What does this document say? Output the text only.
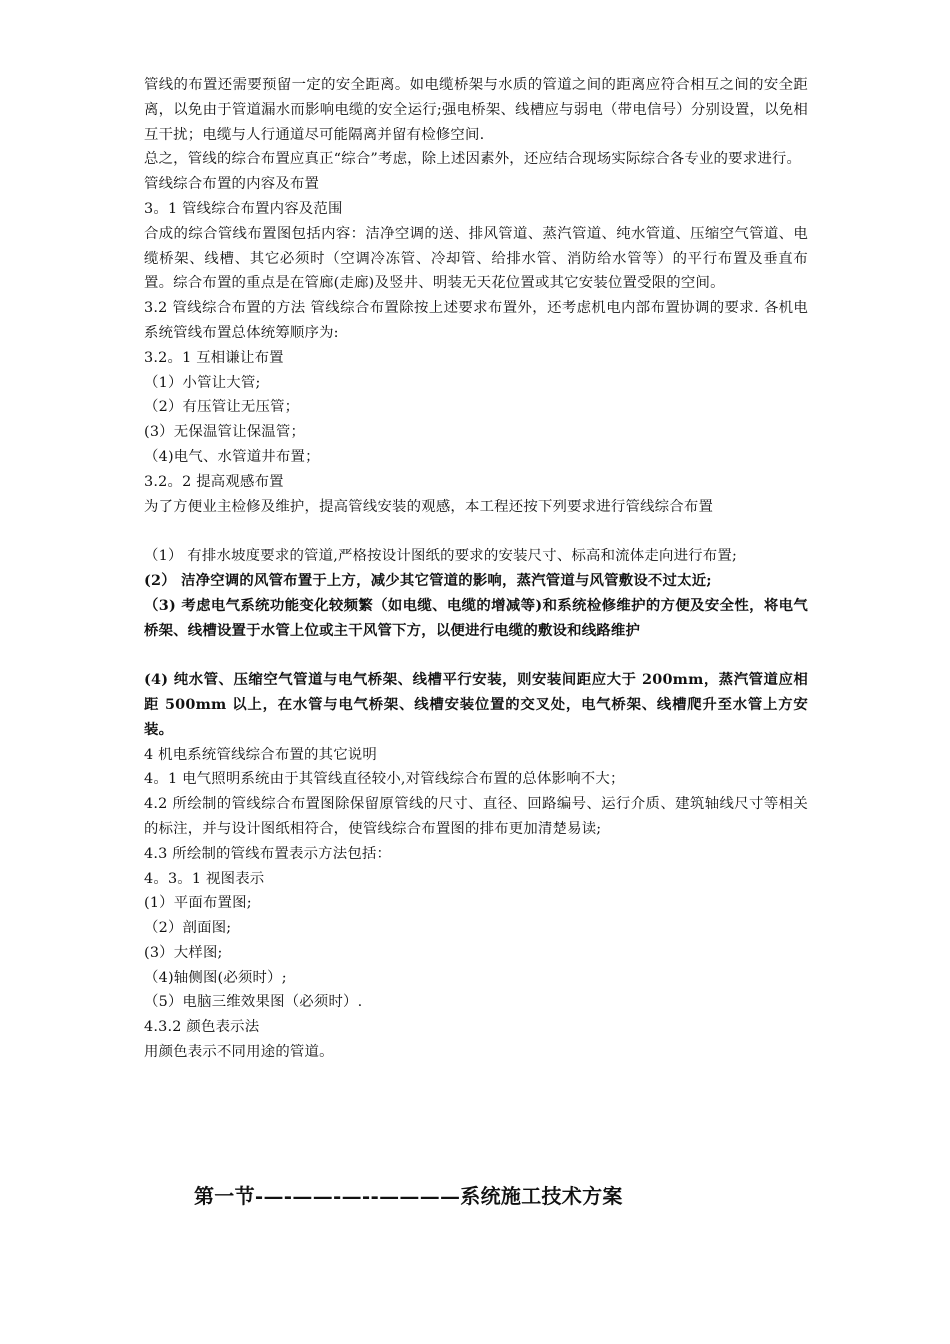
管线的布置还需要预留一定的安全距离。如电缆桥架与水质的管道之间的距离应符合相互之间的安全距离，以免由于管道漏水而影响电缆的安全运行;强电桥架、线槽应与弱电（带电信号）分别设置，以免相互干扰；电缆与人行通道尽可能隔离并留有检修空间.

总之，管线的综合布置应真正“综合”考虑，除上述因素外，还应结合现场实际综合各专业的要求进行。

管线综合布置的内容及布置

3。1 管线综合布置内容及范围

合成的综合管线布置图包括内容：洁净空调的送、排风管道、蒸汽管道、纯水管道、压缩空气管道、电缆桥架、线槽、其它必须时（空调冷冻管、冷却管、给排水管、消防给水管等）的平行布置及垂直布置。综合布置的重点是在管廊(走廊)及竖井、明装无天花位置或其它安装位置受限的空间。

3.2 管线综合布置的方法 管线综合布置除按上述要求布置外，还考虑机电内部布置协调的要求. 各机电系统管线布置总体统筹顺序为:

3.2。1 互相谦让布置

（1）小管让大管;

（2）有压管让无压管；

(3）无保温管让保温管；

（4)电气、水管道井布置；

3.2。2 提高观感布置

为了方便业主检修及维护，提高管线安装的观感，本工程还按下列要求进行管线综合布置

（1） 有排水坡度要求的管道,严格按设计图纸的要求的安装尺寸、标高和流体走向进行布置;

(2） 洁净空调的风管布置于上方，减少其它管道的影响，蒸汽管道与风管敷设不过太近;

（3) 考虑电气系统功能变化较频繁（如电缆、电缆的增减等)和系统检修维护的方便及安全性，将电气桥架、线槽设置于水管上位或主干风管下方，以便进行电缆的敷设和线路维护

(4) 纯水管、压缩空气管道与电气桥架、线槽平行安装，则安装间距应大于 200mm，蒸汽管道应相距 500mm 以上，在水管与电气桥架、线槽安装位置的交叉处，电气桥架、线槽爬升至水管上方安装。

4 机电系统管线综合布置的其它说明

4。1 电气照明系统由于其管线直径较小,对管线综合布置的总体影响不大；

4.2 所绘制的管线综合布置图除保留原管线的尺寸、直径、回路编号、运行介质、建筑轴线尺寸等相关的标注，并与设计图纸相符合，使管线综合布置图的排布更加清楚易读;

4.3 所绘制的管线布置表示方法包括：

4。3。1 视图表示

(1）平面布置图;

（2）剖面图;

(3）大样图;

（4)轴侧图(必须时）;

（5）电脑三维效果图（必须时）.

4.3.2 颜色表示法

用颜色表示不同用途的管道。

第一节-—-——-—--————系统施工技术方案
